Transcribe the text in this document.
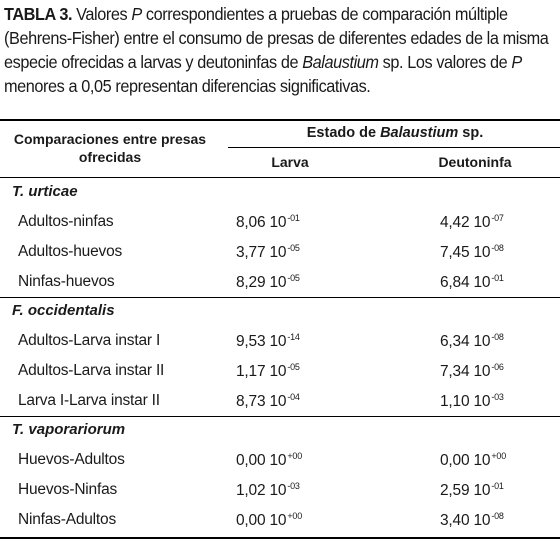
TABLA 3. Valores P correspondientes a pruebas de comparación múltiple (Behrens-Fisher) entre el consumo de presas de diferentes edades de la misma especie ofrecidas a larvas y deutoninfas de Balaustium sp. Los valores de P menores a 0,05 representan diferencias significativas.
Comparaciones entre presas ofrecidas
Estado de Balaustium sp.
Larva	Deutoninfa
T. urticae
Adultos-ninfas	8,06 $10^{-01}$	4,42 $10^{-07}$
Adultos-huevos	3,77 $10^{-05}$	7,45 $10^{-08}$
Ninfas-huevos	8,29 $10^{-05}$	6,84 $10^{-01}$
F. occidentalis
Adultos-Larva instar I	9,53 $10^{-14}$	6,34 $10^{-08}$
Adultos-Larva instar II	1,17 $10^{-05}$	7,34 $10^{-06}$
Larva I-Larva instar II	8,73 $10^{-04}$	1,10 $10^{-03}$
T. vaporariorum
Huevos-Adultos	0,00 $10^{+00}$	0,00 $10^{+00}$
Huevos-Ninfas	1,02 $10^{-03}$	2,59 $10^{-01}$
Ninfas-Adultos	0,00 $10^{+00}$	3,40 $10^{-08}$
